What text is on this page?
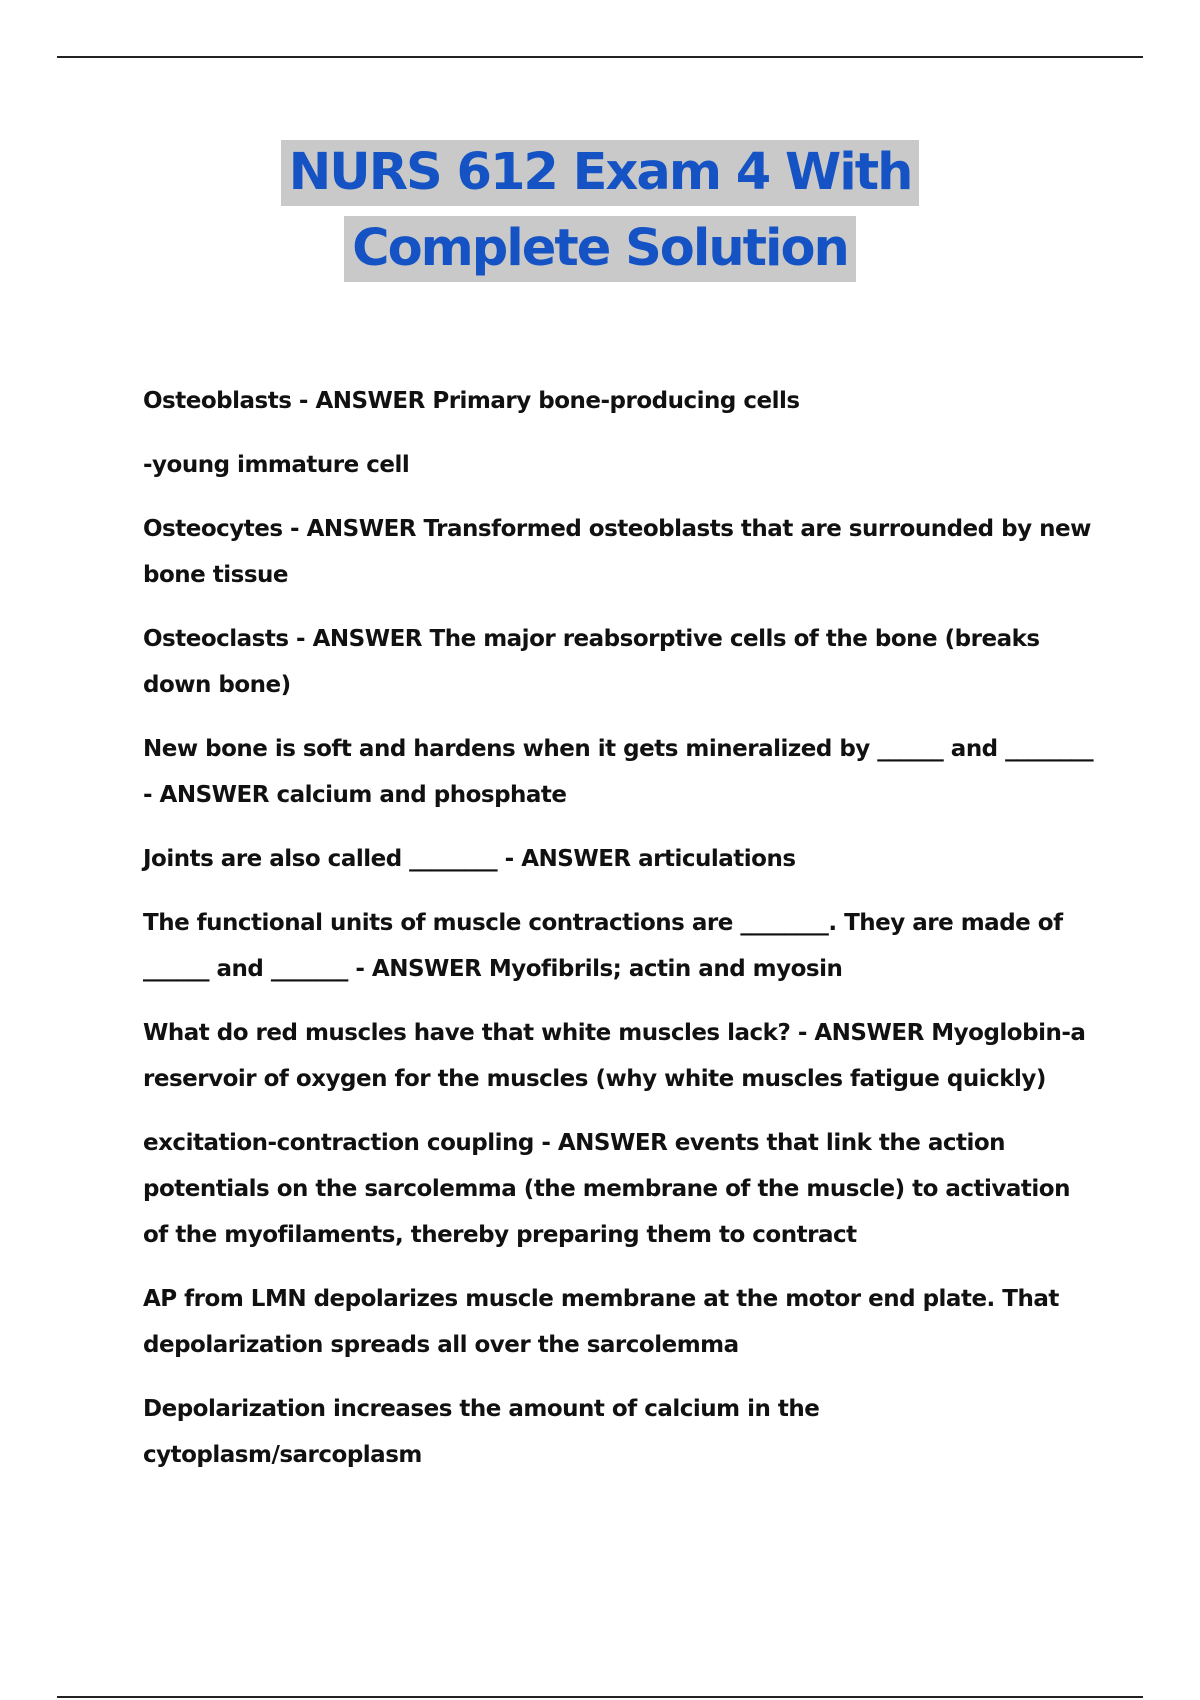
NURS 612 Exam 4 With
Complete Solution

Osteoblasts - ANSWER Primary bone-producing cells

-young immature cell

Osteocytes - ANSWER Transformed osteoblasts that are surrounded by new bone tissue

Osteoclasts - ANSWER The major reabsorptive cells of the bone (breaks down bone)

New bone is soft and hardens when it gets mineralized by ______ and ________ - ANSWER calcium and phosphate

Joints are also called ________ - ANSWER articulations

The functional units of muscle contractions are ________. They are made of ______ and _______ - ANSWER Myofibrils; actin and myosin

What do red muscles have that white muscles lack? - ANSWER Myoglobin-a reservoir of oxygen for the muscles (why white muscles fatigue quickly)

excitation-contraction coupling - ANSWER events that link the action potentials on the sarcolemma (the membrane of the muscle) to activation of the myofilaments, thereby preparing them to contract

AP from LMN depolarizes muscle membrane at the motor end plate. That depolarization spreads all over the sarcolemma

Depolarization increases the amount of calcium in the cytoplasm/sarcoplasm
